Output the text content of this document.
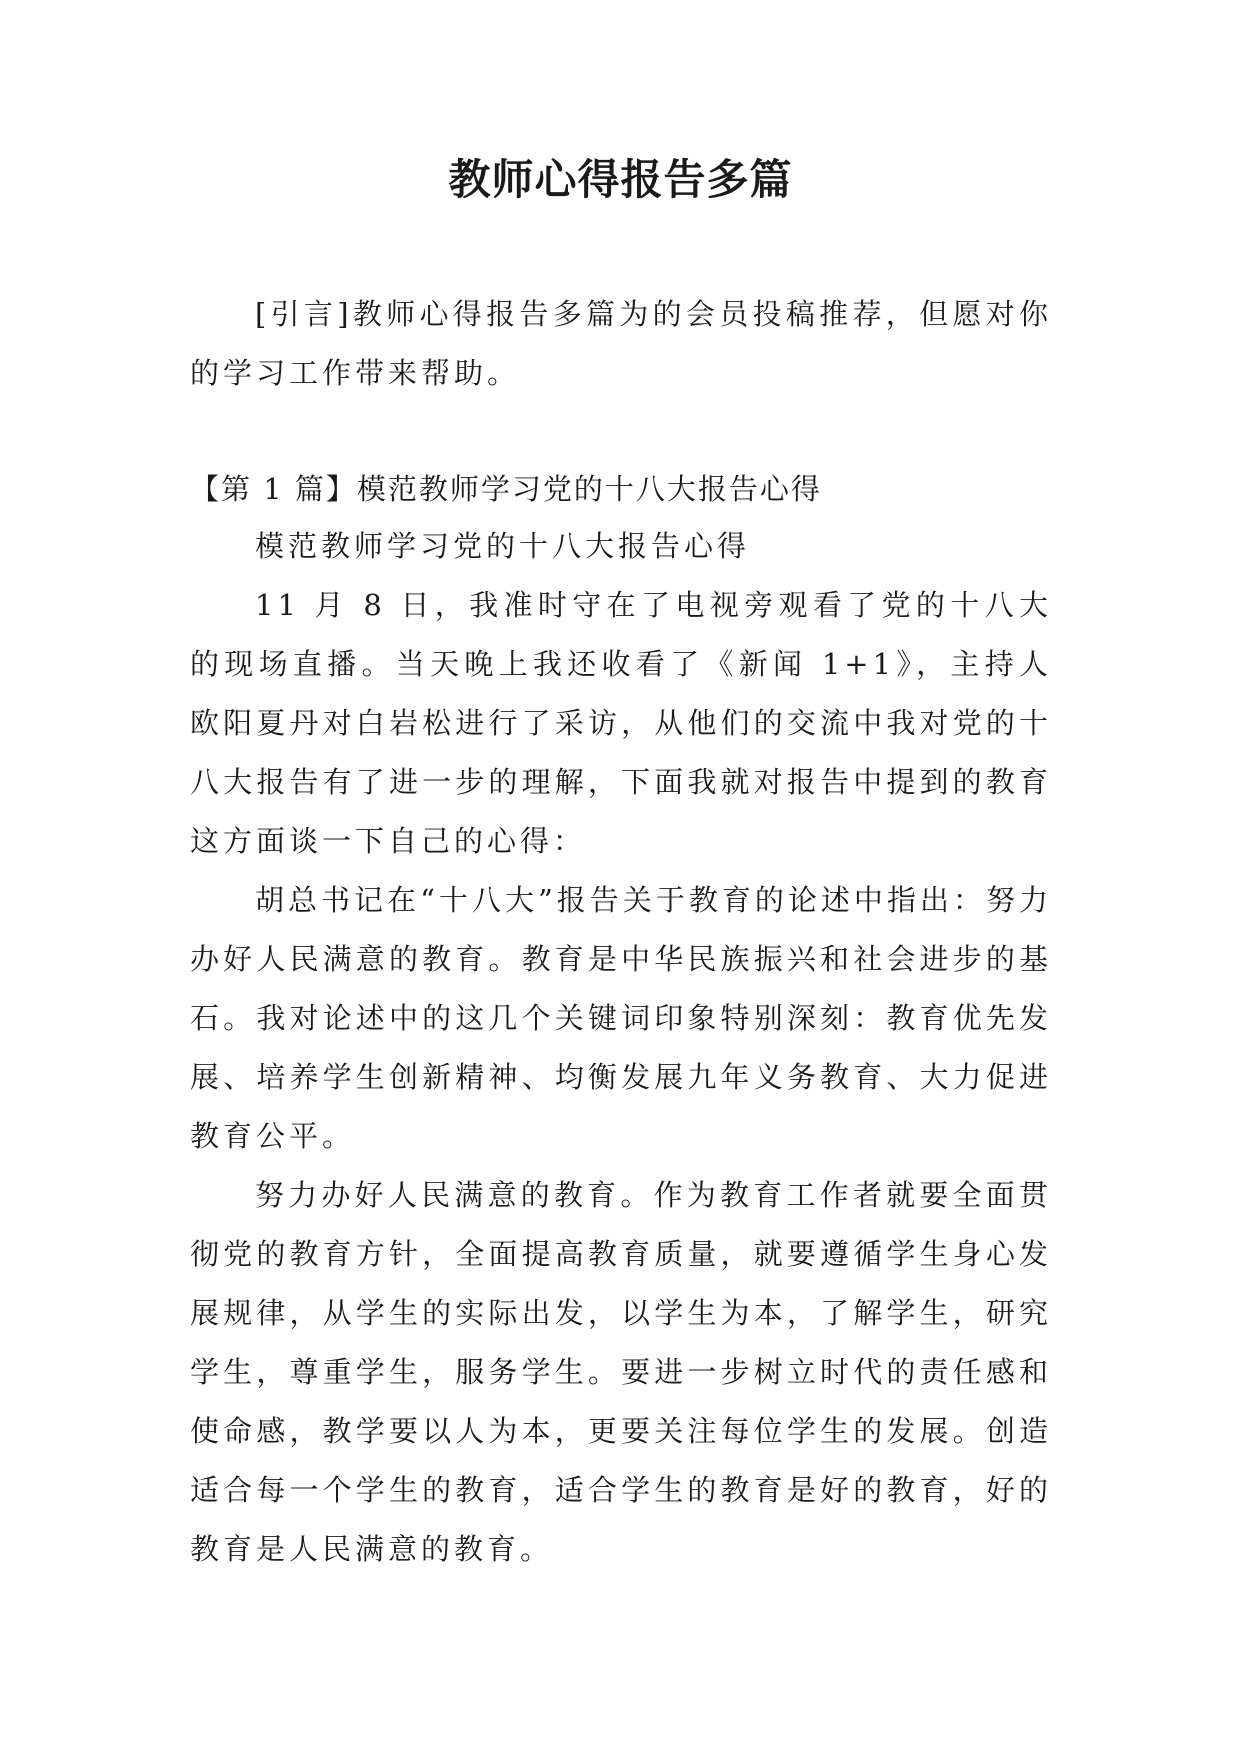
教师心得报告多篇
[引言]教师心得报告多篇为的会员投稿推荐，但愿对你的学习工作带来帮助。
【第 1 篇】模范教师学习党的十八大报告心得

模范教师学习党的十八大报告心得

11 月 8 日，我准时守在了电视旁观看了党的十八大的现场直播。当天晚上我还收看了《新闻 1+1》，主持人欧阳夏丹对白岩松进行了采访，从他们的交流中我对党的十八大报告有了进一步的理解，下面我就对报告中提到的教育这方面谈一下自己的心得：

胡总书记在“十八大”报告关于教育的论述中指出：努力办好人民满意的教育。教育是中华民族振兴和社会进步的基石。我对论述中的这几个关键词印象特别深刻：教育优先发展、培养学生创新精神、均衡发展九年义务教育、大力促进教育公平。

努力办好人民满意的教育。作为教育工作者就要全面贯彻党的教育方针，全面提高教育质量，就要遵循学生身心发展规律，从学生的实际出发，以学生为本，了解学生，研究学生，尊重学生，服务学生。要进一步树立时代的责任感和使命感，教学要以人为本，更要关注每位学生的发展。创造适合每一个学生的教育，适合学生的教育是好的教育，好的教育是人民满意的教育。
